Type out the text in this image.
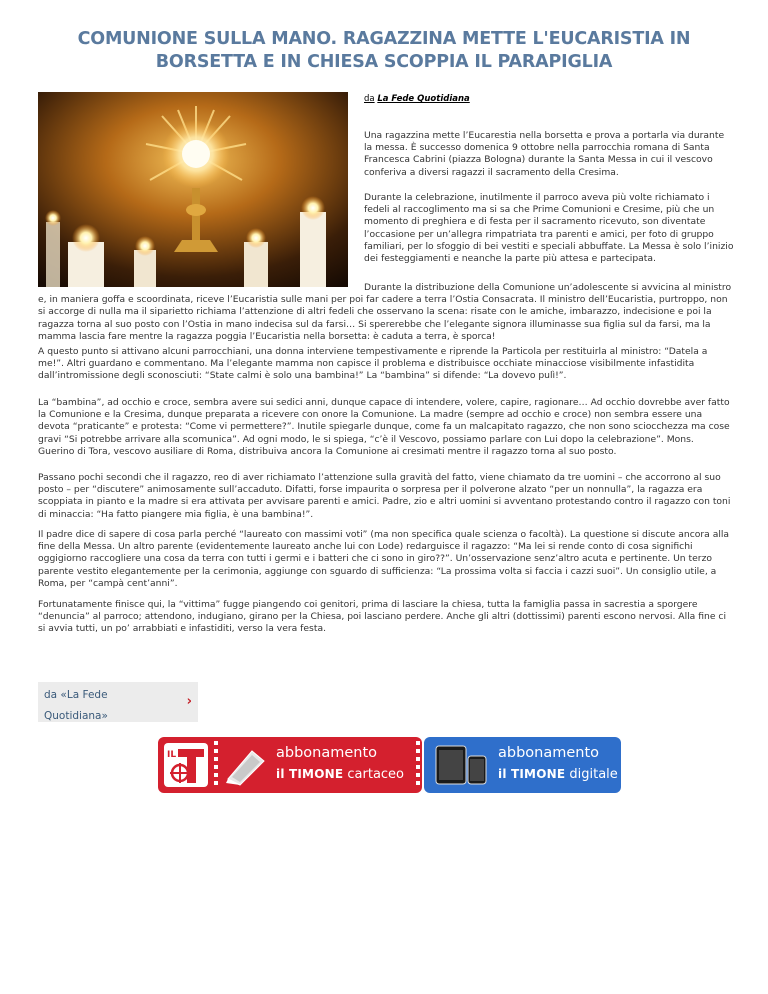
COMUNIONE SULLA MANO. RAGAZZINA METTE L'EUCARISTIA IN
BORSETTA E IN CHIESA SCOPPIA IL PARAPIGLIA
da La Fede Quotidiana

Una ragazzina mette l’Eucarestia nella borsetta e prova a portarla via durante la messa. È successo domenica 9 ottobre nella parrocchia romana di Santa Francesca Cabrini (piazza Bologna) durante la Santa Messa in cui il vescovo conferiva a diversi ragazzi il sacramento della Cresima.

Durante la celebrazione, inutilmente il parroco aveva più volte richiamato i fedeli al raccoglimento ma si sa che Prime Comunioni e Cresime, più che un momento di preghiera e di festa per il sacramento ricevuto, son diventate l’occasione per un’allegra rimpatriata tra parenti e amici, per foto di gruppo familiari, per lo sfoggio di bei vestiti e speciali abbuffate. La Messa è solo l’inizio dei festeggiamenti e neanche la parte più attesa e partecipata.

Durante la distribuzione della Comunione un’adolescente si avvicina al ministro e, in maniera goffa e scoordinata, riceve l’Eucaristia sulle mani per poi far cadere a terra l’Ostia Consacrata. Il ministro dell’Eucaristia, purtroppo, non si accorge di nulla ma il siparietto richiama l’attenzione di altri fedeli che osservano la scena: risate con le amiche, imbarazzo, indecisione e poi la ragazza torna al suo posto con l’Ostia in mano indecisa sul da farsi… Si spererebbe che l’elegante signora illuminasse sua figlia sul da farsi, ma la mamma lascia fare mentre la ragazza poggia l’Eucaristia nella borsetta: è caduta a terra, è sporca!

A questo punto si attivano alcuni parrocchiani, una donna interviene tempestivamente e riprende la Particola per restituirla al ministro: “Datela a me!”. Altri guardano e commentano. Ma l’elegante mamma non capisce il problema e distribuisce occhiate minacciose visibilmente infastidita dall’intromissione degli sconosciuti: “State calmi è solo una bambina!” La “bambina” si difende: “La dovevo pulì!”.

La “bambina”, ad occhio e croce, sembra avere sui sedici anni, dunque capace di intendere, volere, capire, ragionare… Ad occhio dovrebbe aver fatto la Comunione e la Cresima, dunque preparata a ricevere con onore la Comunione. La madre (sempre ad occhio e croce) non sembra essere una devota “praticante” e protesta: “Come vi permettere?”. Inutile spiegarle dunque, come fa un malcapitato ragazzo, che non sono sciocchezza ma cose gravi “Si potrebbe arrivare alla scomunica”. Ad ogni modo, le si spiega, “c’è il Vescovo, possiamo parlare con Lui dopo la celebrazione”. Mons. Guerino di Tora, vescovo ausiliare di Roma, distribuiva ancora la Comunione ai cresimati mentre il ragazzo torna al suo posto.

Passano pochi secondi che il ragazzo, reo di aver richiamato l’attenzione sulla gravità del fatto, viene chiamato da tre uomini – che accorrono al suo posto – per “discutere” animosamente sull’accaduto. Difatti, forse impaurita o sorpresa per il polverone alzato “per un nonnulla”, la ragazza era scoppiata in pianto e la madre si era attivata per avvisare parenti e amici. Padre, zio e altri uomini si avventano protestando contro il ragazzo con toni di minaccia: “Ha fatto piangere mia figlia, è una bambina!”.

Il padre dice di sapere di cosa parla perché “laureato con massimi voti” (ma non specifica quale scienza o facoltà). La questione si discute ancora alla fine della Messa. Un altro parente (evidentemente laureato anche lui con Lode) redarguisce il ragazzo: “Ma lei si rende conto di cosa significhi oggigiorno raccogliere una cosa da terra con tutti i germi e i batteri che ci sono in giro??”. Un’osservazione senz’altro acuta e pertinente. Un terzo parente vestito elegantemente per la cerimonia, aggiunge con sguardo di sufficienza: “La prossima volta si faccia i cazzi suoi”. Un consiglio utile, a Roma, per “campà cent’anni”.

Fortunatamente finisce qui, la “vittima” fugge piangendo coi genitori, prima di lasciare la chiesa, tutta la famiglia passa in sacrestia a sporgere “denuncia” al parroco; attendono, indugiano, girano per la Chiesa, poi lasciano perdere. Anche gli altri (dottissimi) parenti escono nervosi. Alla fine ci si avvia tutti, un po’ arrabbiati e infastiditi, verso la vera festa.

da «La Fede Quotidiana»
›
IL	abbonamento
il TIMONE cartaceo
abbonamento
il TIMONE digitale
